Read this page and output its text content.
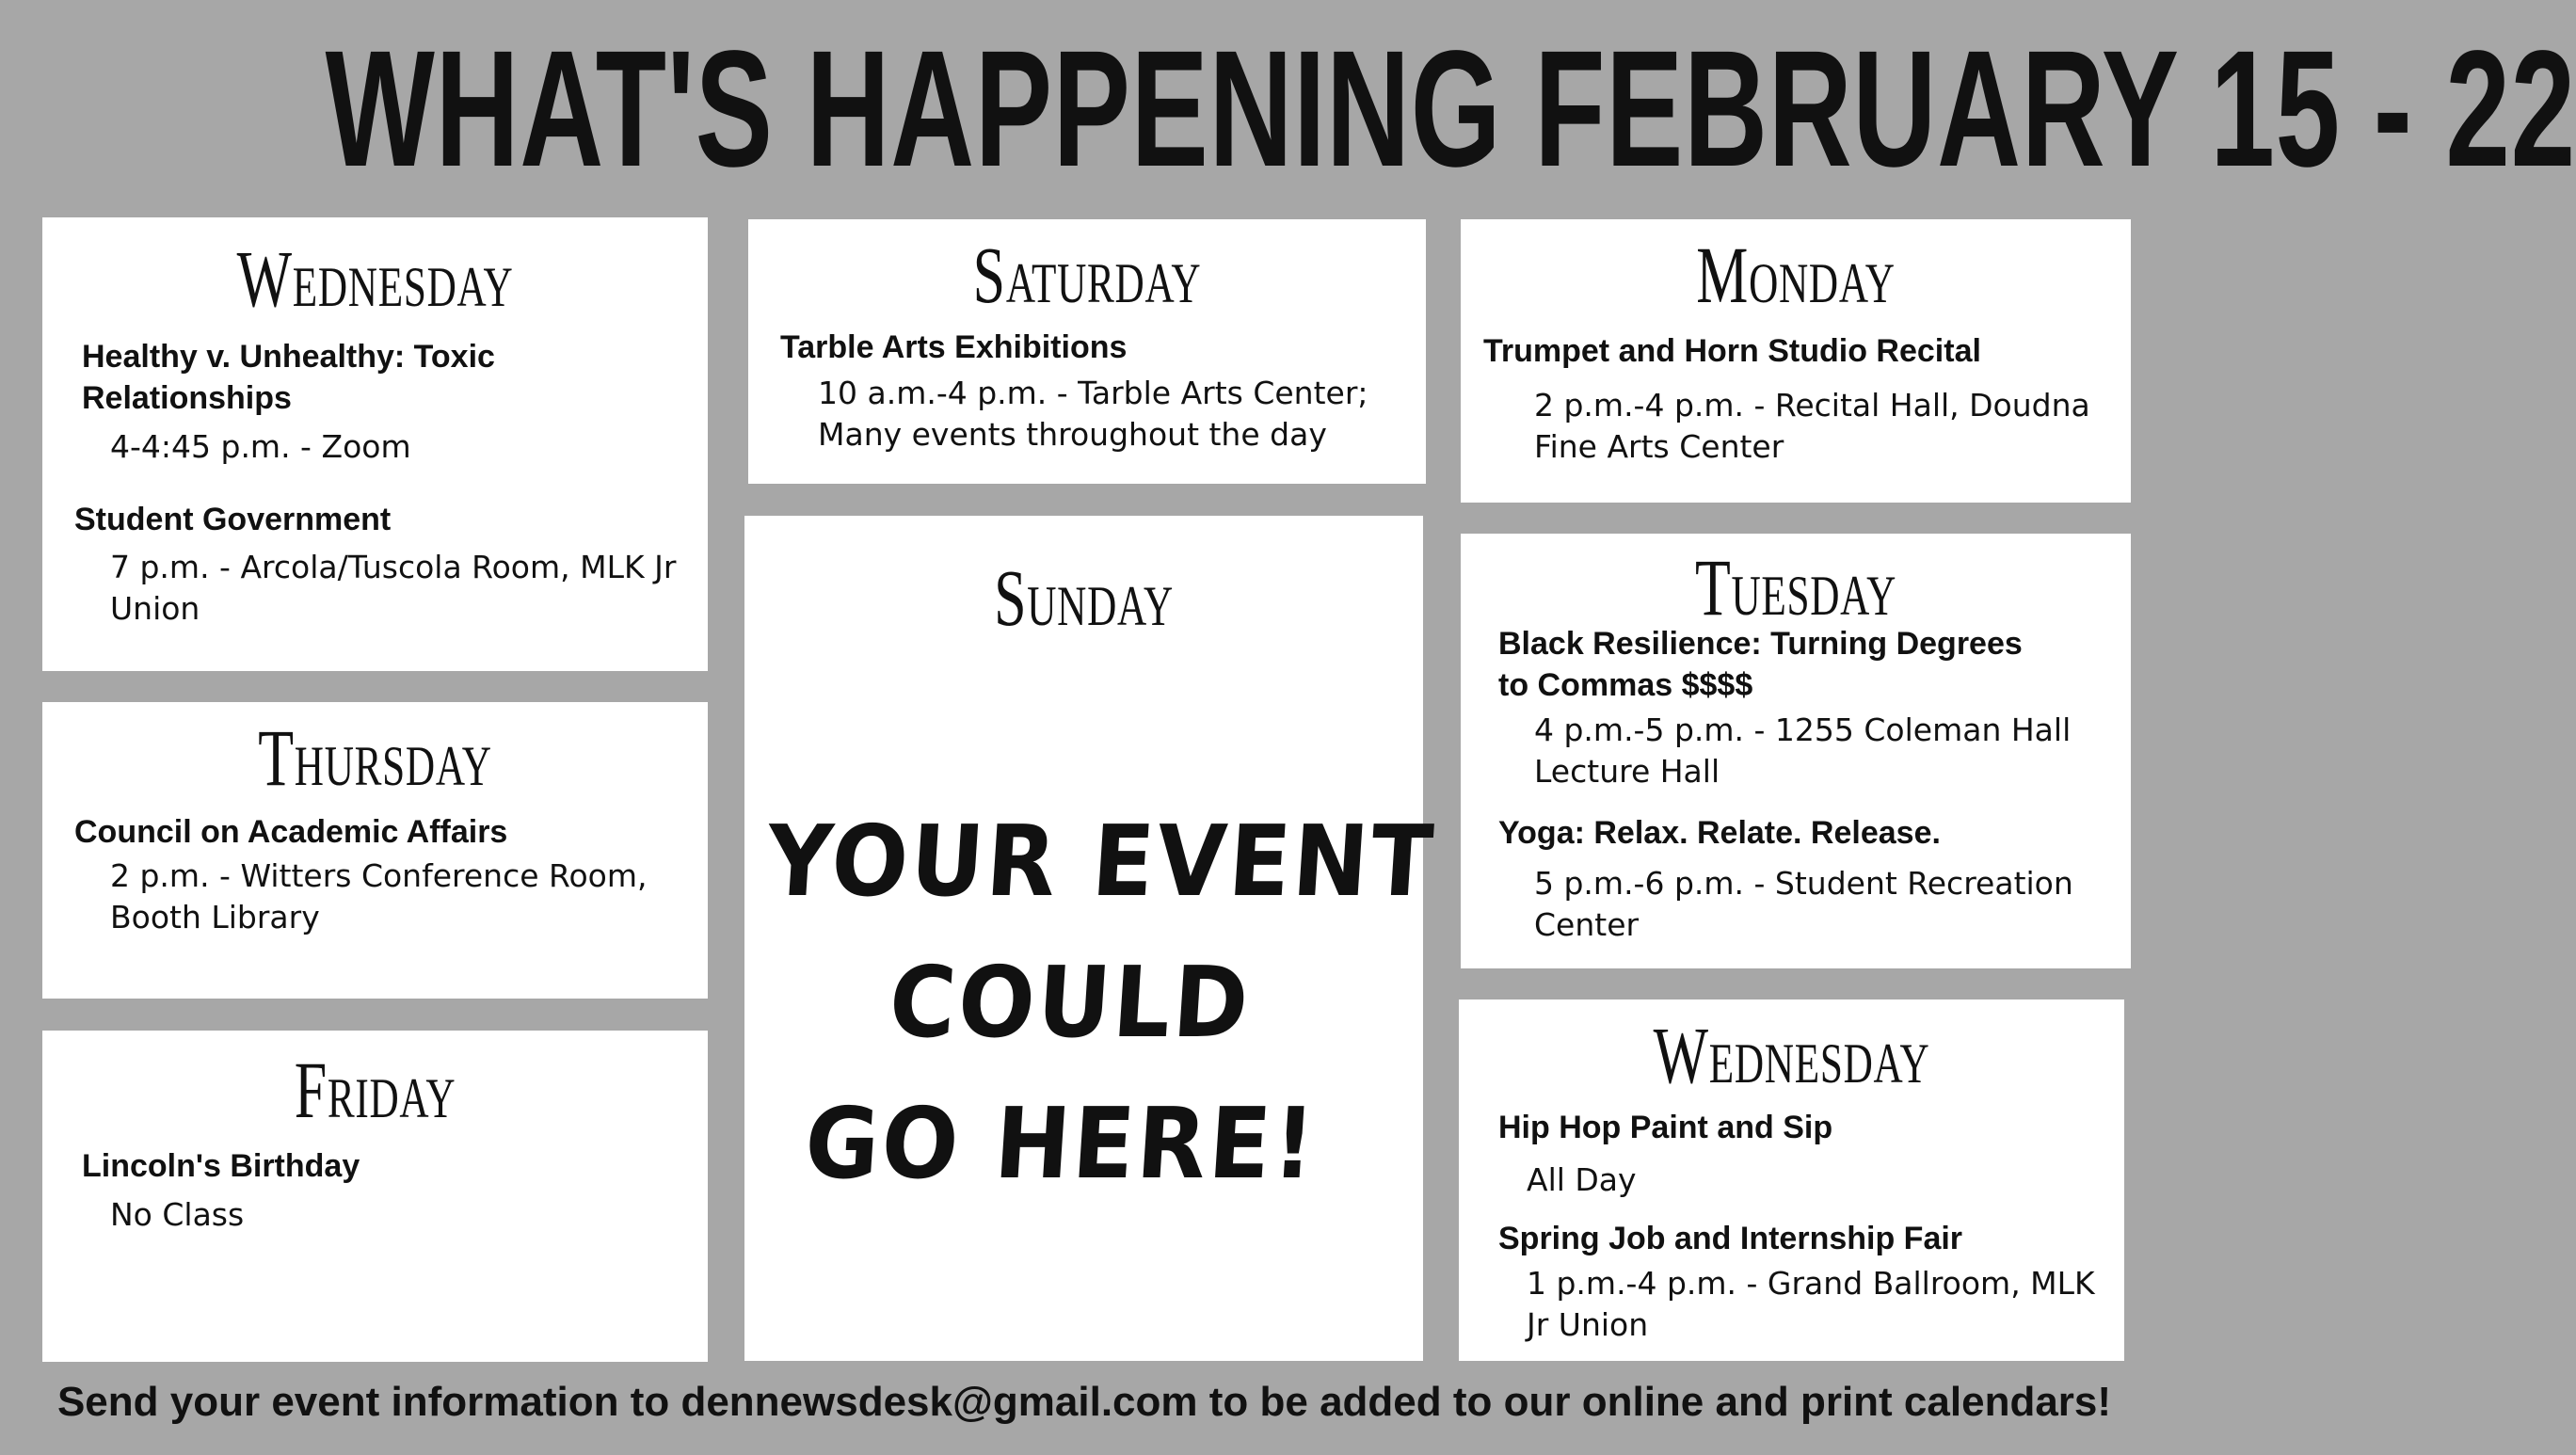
WHAT'S HAPPENING FEBRUARY 15 - 22
Wednesday
Healthy v. Unhealthy: Toxic
Relationships
4-4:45 p.m. - Zoom
Student Government
7 p.m. - Arcola/Tuscola Room, MLK Jr
Union
Thursday
Council on Academic Affairs
2 p.m. - Witters Conference Room,
Booth Library
Friday
Lincoln's Birthday
No Class
Saturday
Tarble Arts Exhibitions
10 a.m.-4 p.m. - Tarble Arts Center;
Many events throughout the day
Sunday
YOUR EVENT
COULD
GO HERE!
Monday
Trumpet and Horn Studio Recital
2 p.m.-4 p.m. - Recital Hall, Doudna
Fine Arts Center
Tuesday
Black Resilience: Turning Degrees
to Commas $$$$
4 p.m.-5 p.m. - 1255 Coleman Hall
Lecture Hall
Yoga: Relax. Relate. Release.
5 p.m.-6 p.m. - Student Recreation
Center
Wednesday
Hip Hop Paint and Sip
All Day
Spring Job and Internship Fair
1 p.m.-4 p.m. - Grand Ballroom, MLK
Jr Union
Send your event information to dennewsdesk@gmail.com to be added to our online and print calendars!
